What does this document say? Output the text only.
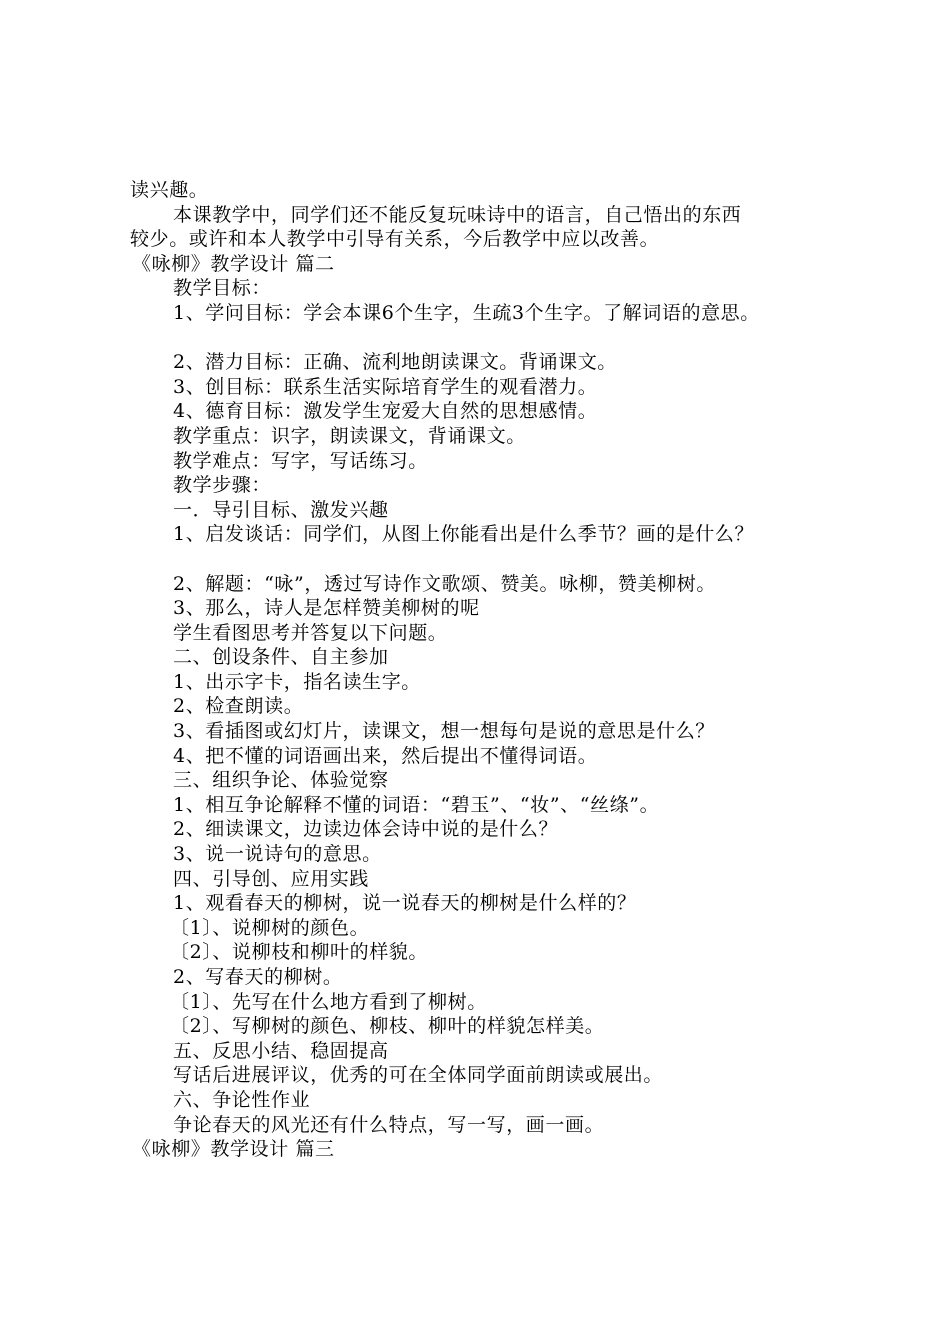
读兴趣。
本课教学中，同学们还不能反复玩味诗中的语言，自己悟出的东西
较少。或许和本人教学中引导有关系，今后教学中应以改善。
《咏柳》教学设计 篇二
教学目标：
1、学问目标：学会本课6个生字，生疏3个生字。了解词语的意思。
2、潜力目标：正确、流利地朗读课文。背诵课文。
3、创目标：联系生活实际培育学生的观看潜力。
4、德育目标：激发学生宠爱大自然的思想感情。
教学重点：识字，朗读课文，背诵课文。
教学难点：写字，写话练习。
教学步骤：
一．导引目标、激发兴趣
1、启发谈话：同学们，从图上你能看出是什么季节？画的是什么？
2、解题：“咏”，透过写诗作文歌颂、赞美。咏柳，赞美柳树。
3、那么，诗人是怎样赞美柳树的呢
学生看图思考并答复以下问题。
二、创设条件、自主参加
1、出示字卡，指名读生字。
2、检查朗读。
3、看插图或幻灯片，读课文，想一想每句是说的意思是什么？
4、把不懂的词语画出来，然后提出不懂得词语。
三、组织争论、体验觉察
1、相互争论解释不懂的词语：“碧玉”、“妆”、“丝绦”。
2、细读课文，边读边体会诗中说的是什么？
3、说一说诗句的意思。
四、引导创、应用实践
1、观看春天的柳树，说一说春天的柳树是什么样的？
〔1〕、说柳树的颜色。
〔2〕、说柳枝和柳叶的样貌。
2、写春天的柳树。
〔1〕、先写在什么地方看到了柳树。
〔2〕、写柳树的颜色、柳枝、柳叶的样貌怎样美。
五、反思小结、稳固提高
写话后进展评议，优秀的可在全体同学面前朗读或展出。
六、争论性作业
争论春天的风光还有什么特点，写一写，画一画。
《咏柳》教学设计 篇三
